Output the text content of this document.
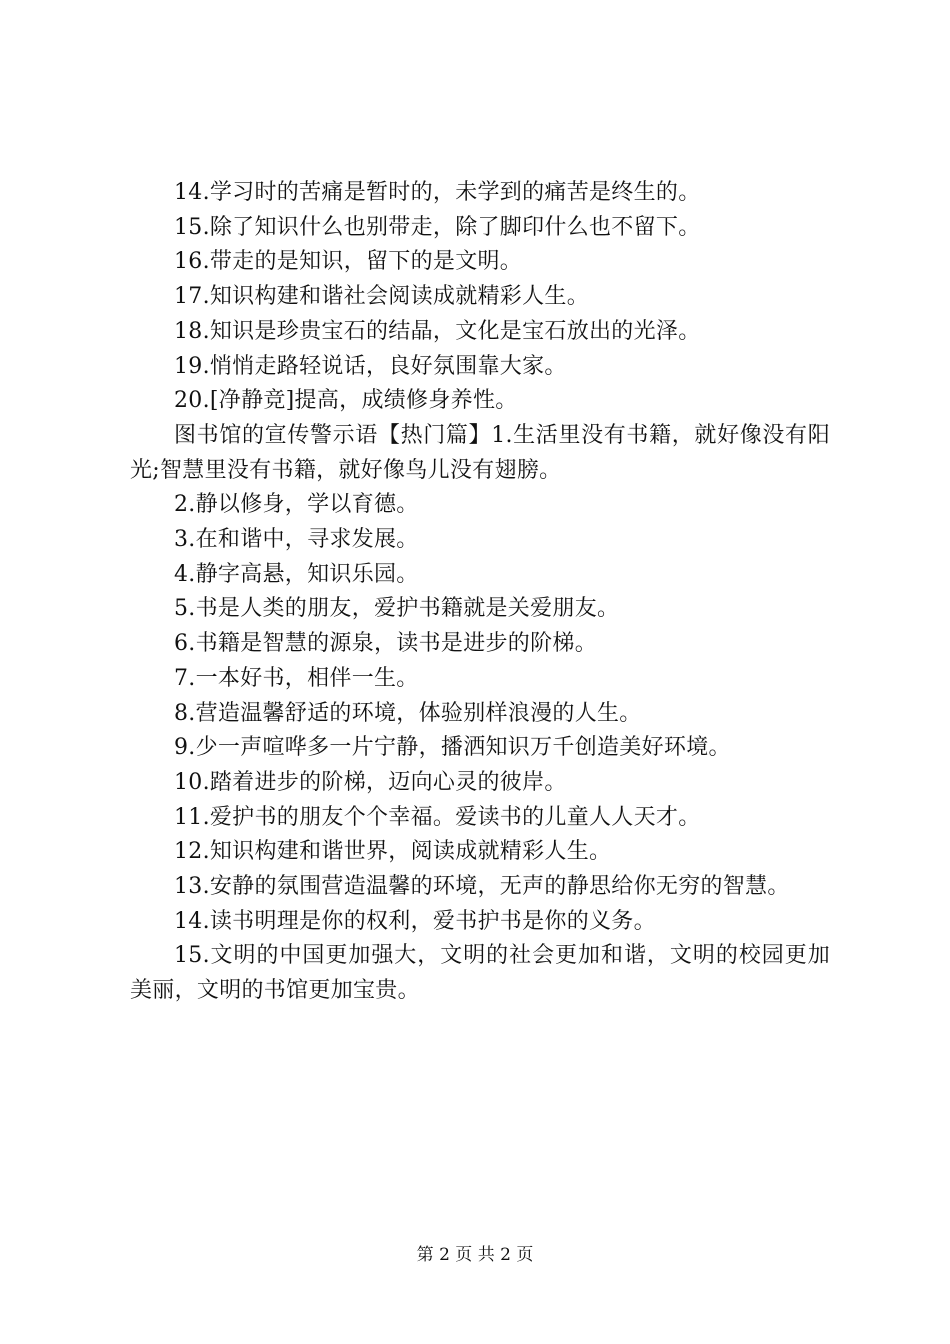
14.学习时的苦痛是暂时的，未学到的痛苦是终生的。

15.除了知识什么也别带走，除了脚印什么也不留下。

16.带走的是知识，留下的是文明。

17.知识构建和谐社会阅读成就精彩人生。

18.知识是珍贵宝石的结晶，文化是宝石放出的光泽。

19.悄悄走路轻说话，良好氛围靠大家。

20.[净静竞]提高，成绩修身养性。

图书馆的宣传警示语【热门篇】1.生活里没有书籍，就好像没有阳光;智慧里没有书籍，就好像鸟儿没有翅膀。

2.静以修身，学以育德。

3.在和谐中，寻求发展。

4.静字高悬，知识乐园。

5.书是人类的朋友，爱护书籍就是关爱朋友。

6.书籍是智慧的源泉，读书是进步的阶梯。

7.一本好书，相伴一生。

8.营造温馨舒适的环境，体验别样浪漫的人生。

9.少一声喧哗多一片宁静，播洒知识万千创造美好环境。

10.踏着进步的阶梯，迈向心灵的彼岸。

11.爱护书的朋友个个幸福。爱读书的儿童人人天才。

12.知识构建和谐世界，阅读成就精彩人生。

13.安静的氛围营造温馨的环境，无声的静思给你无穷的智慧。

14.读书明理是你的权利，爱书护书是你的义务。

15.文明的中国更加强大，文明的社会更加和谐，文明的校园更加美丽，文明的书馆更加宝贵。

第 2 页 共 2 页
